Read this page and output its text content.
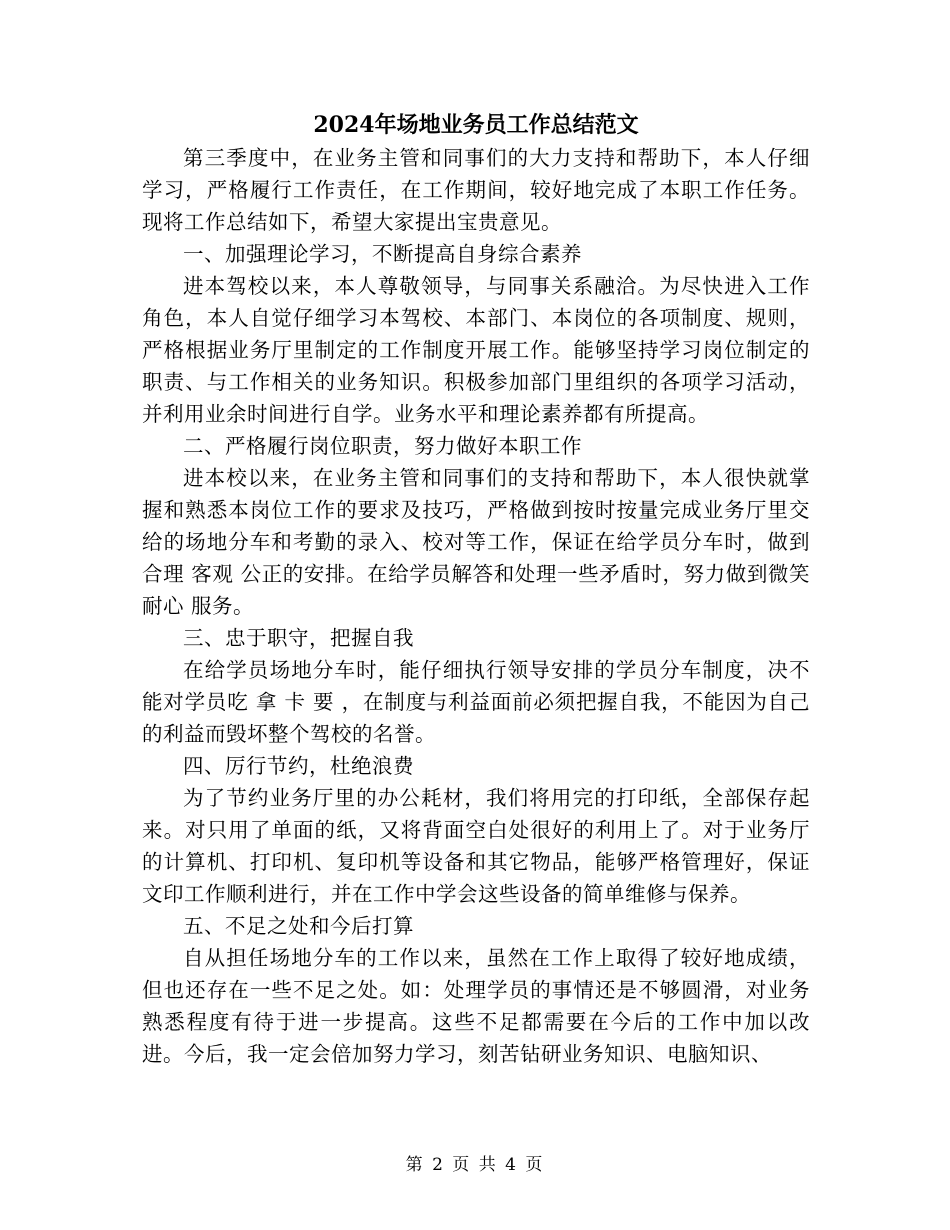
2024年场地业务员工作总结范文

第三季度中，在业务主管和同事们的大力支持和帮助下，本人仔细学习，严格履行工作责任，在工作期间，较好地完成了本职工作任务。现将工作总结如下，希望大家提出宝贵意见。

一、加强理论学习，不断提高自身综合素养

进本驾校以来，本人尊敬领导，与同事关系融洽。为尽快进入工作角色，本人自觉仔细学习本驾校、本部门、本岗位的各项制度、规则，严格根据业务厅里制定的工作制度开展工作。能够坚持学习岗位制定的职责、与工作相关的业务知识。积极参加部门里组织的各项学习活动，并利用业余时间进行自学。业务水平和理论素养都有所提高。

二、严格履行岗位职责，努力做好本职工作

进本校以来，在业务主管和同事们的支持和帮助下，本人很快就掌握和熟悉本岗位工作的要求及技巧，严格做到按时按量完成业务厅里交给的场地分车和考勤的录入、校对等工作，保证在给学员分车时，做到合理 客观 公正的安排。在给学员解答和处理一些矛盾时，努力做到微笑 耐心 服务。

三、忠于职守，把握自我

在给学员场地分车时，能仔细执行领导安排的学员分车制度，决不能对学员吃 拿 卡 要 ，在制度与利益面前必须把握自我，不能因为自己的利益而毁坏整个驾校的名誉。

四、厉行节约，杜绝浪费

为了节约业务厅里的办公耗材，我们将用完的打印纸，全部保存起来。对只用了单面的纸，又将背面空白处很好的利用上了。对于业务厅的计算机、打印机、复印机等设备和其它物品，能够严格管理好，保证文印工作顺利进行，并在工作中学会这些设备的简单维修与保养。

五、不足之处和今后打算

自从担任场地分车的工作以来，虽然在工作上取得了较好地成绩，但也还存在一些不足之处。如：处理学员的事情还是不够圆滑，对业务熟悉程度有待于进一步提高。这些不足都需要在今后的工作中加以改进。今后，我一定会倍加努力学习，刻苦钻研业务知识、电脑知识、

第 2 页 共 4 页
